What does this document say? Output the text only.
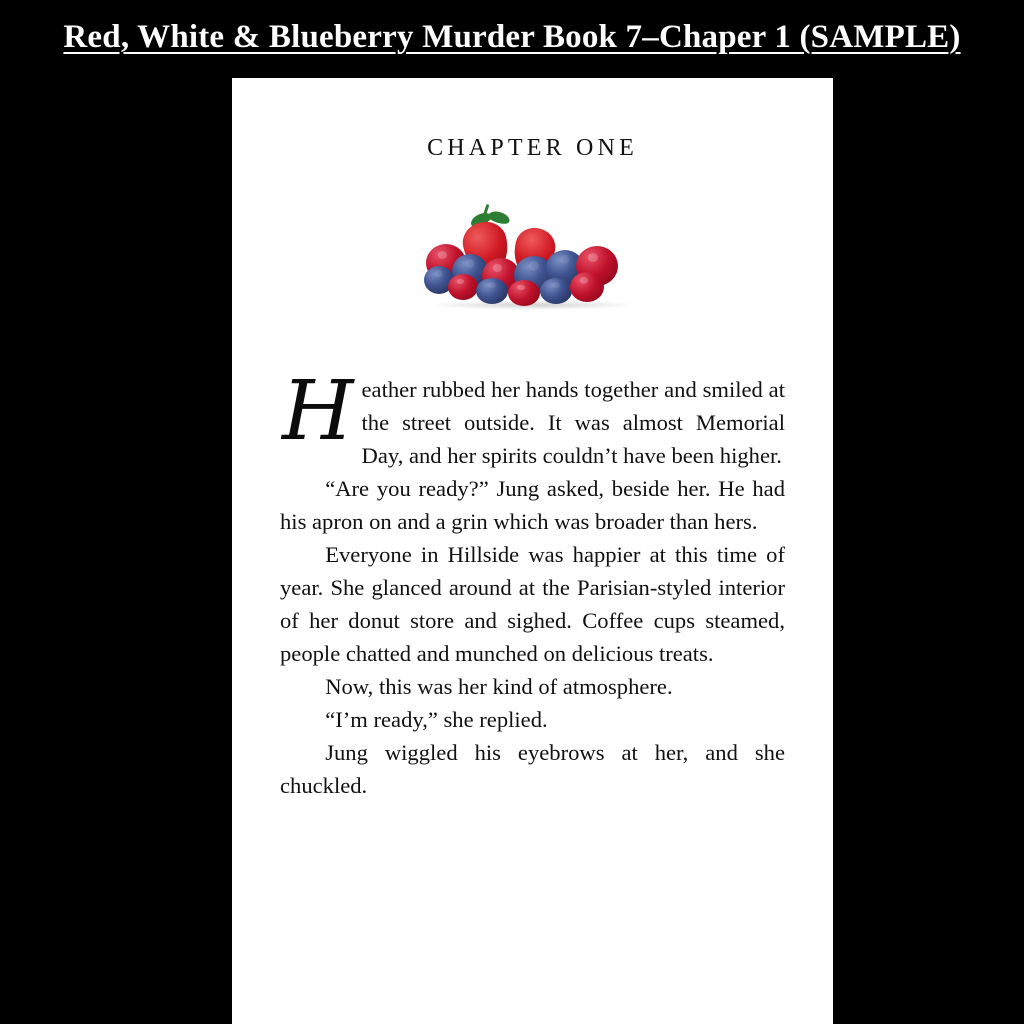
Red, White & Blueberry Murder Book 7–Chaper 1 (SAMPLE)
CHAPTER ONE

Heather rubbed her hands together and smiled at the street outside. It was almost Memorial Day, and her spirits couldn’t have been higher.

“Are you ready?” Jung asked, beside her. He had his apron on and a grin which was broader than hers.

Everyone in Hillside was happier at this time of year. She glanced around at the Parisian-styled interior of her donut store and sighed. Coffee cups steamed, people chatted and munched on delicious treats.

Now, this was her kind of atmosphere.

“I’m ready,” she replied.

Jung wiggled his eyebrows at her, and she chuckled.
